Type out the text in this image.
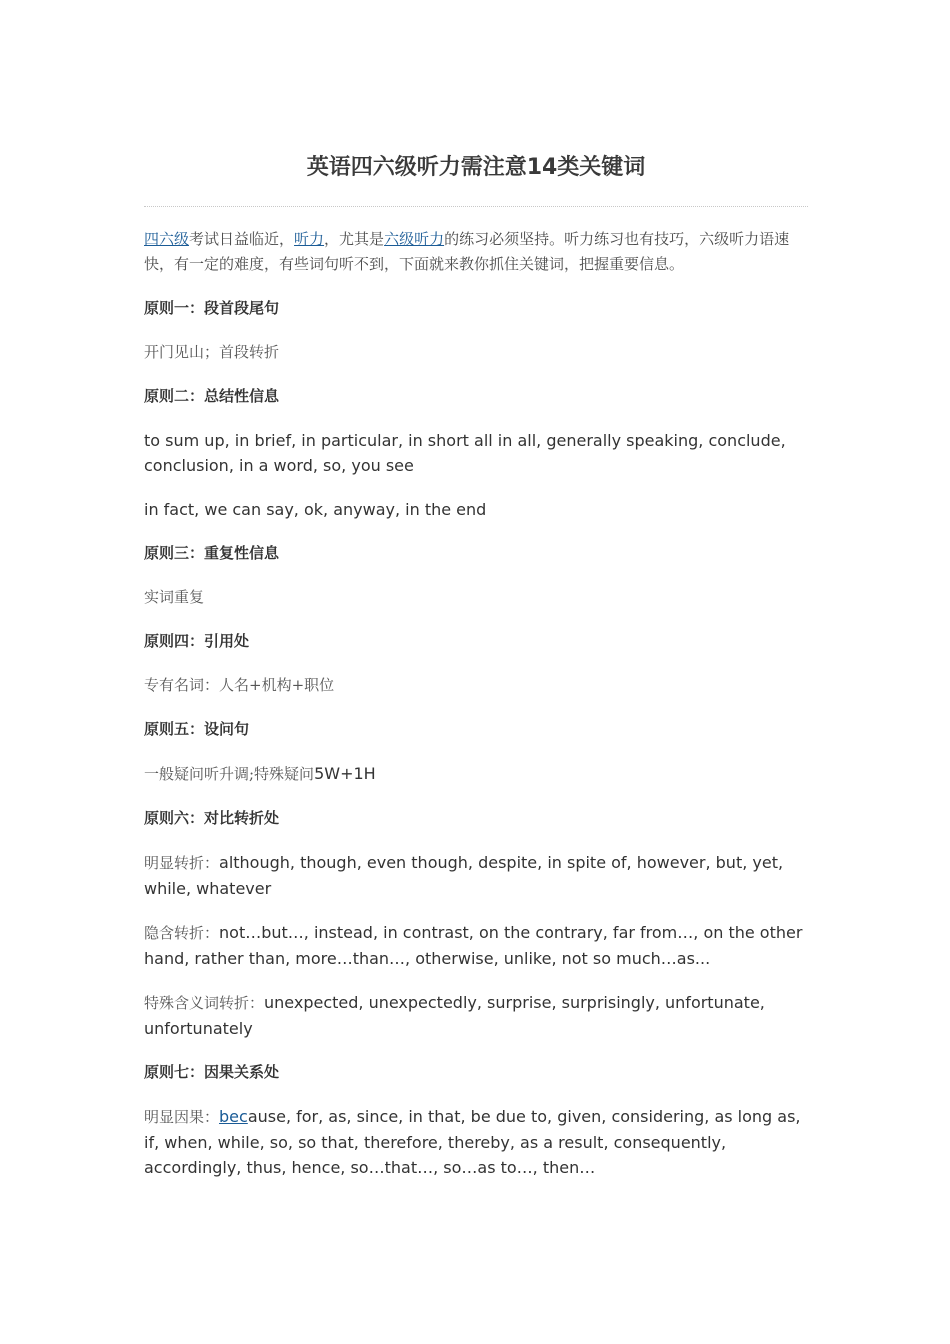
英语四六级听力需注意14类关键词

四六级考试日益临近，听力，尤其是六级听力的练习必须坚持。听力练习也有技巧，六级听力语速快，有一定的难度，有些词句听不到，下面就来教你抓住关键词，把握重要信息。

原则一：段首段尾句

开门见山；首段转折

原则二：总结性信息

to sum up, in brief, in particular, in short all in all, generally speaking, conclude, conclusion, in a word, so, you see

in fact, we can say, ok, anyway, in the end

原则三：重复性信息

实词重复

原则四：引用处

专有名词：人名+机构+职位

原则五：设问句

一般疑问听升调;特殊疑问5W+1H

原则六：对比转折处

明显转折：although, though, even though, despite, in spite of, however, but, yet, while, whatever

隐含转折：not…but…, instead, in contrast, on the contrary, far from…, on the other hand, rather than, more…than…, otherwise, unlike, not so much…as...

特殊含义词转折：unexpected, unexpectedly, surprise, surprisingly, unfortunate, unfortunately

原则七：因果关系处

明显因果：because, for, as, since, in that, be due to, given, considering, as long as, if, when, while, so, so that, therefore, thereby, as a result, consequently, accordingly, thus, hence, so…that…, so…as to…, then…
